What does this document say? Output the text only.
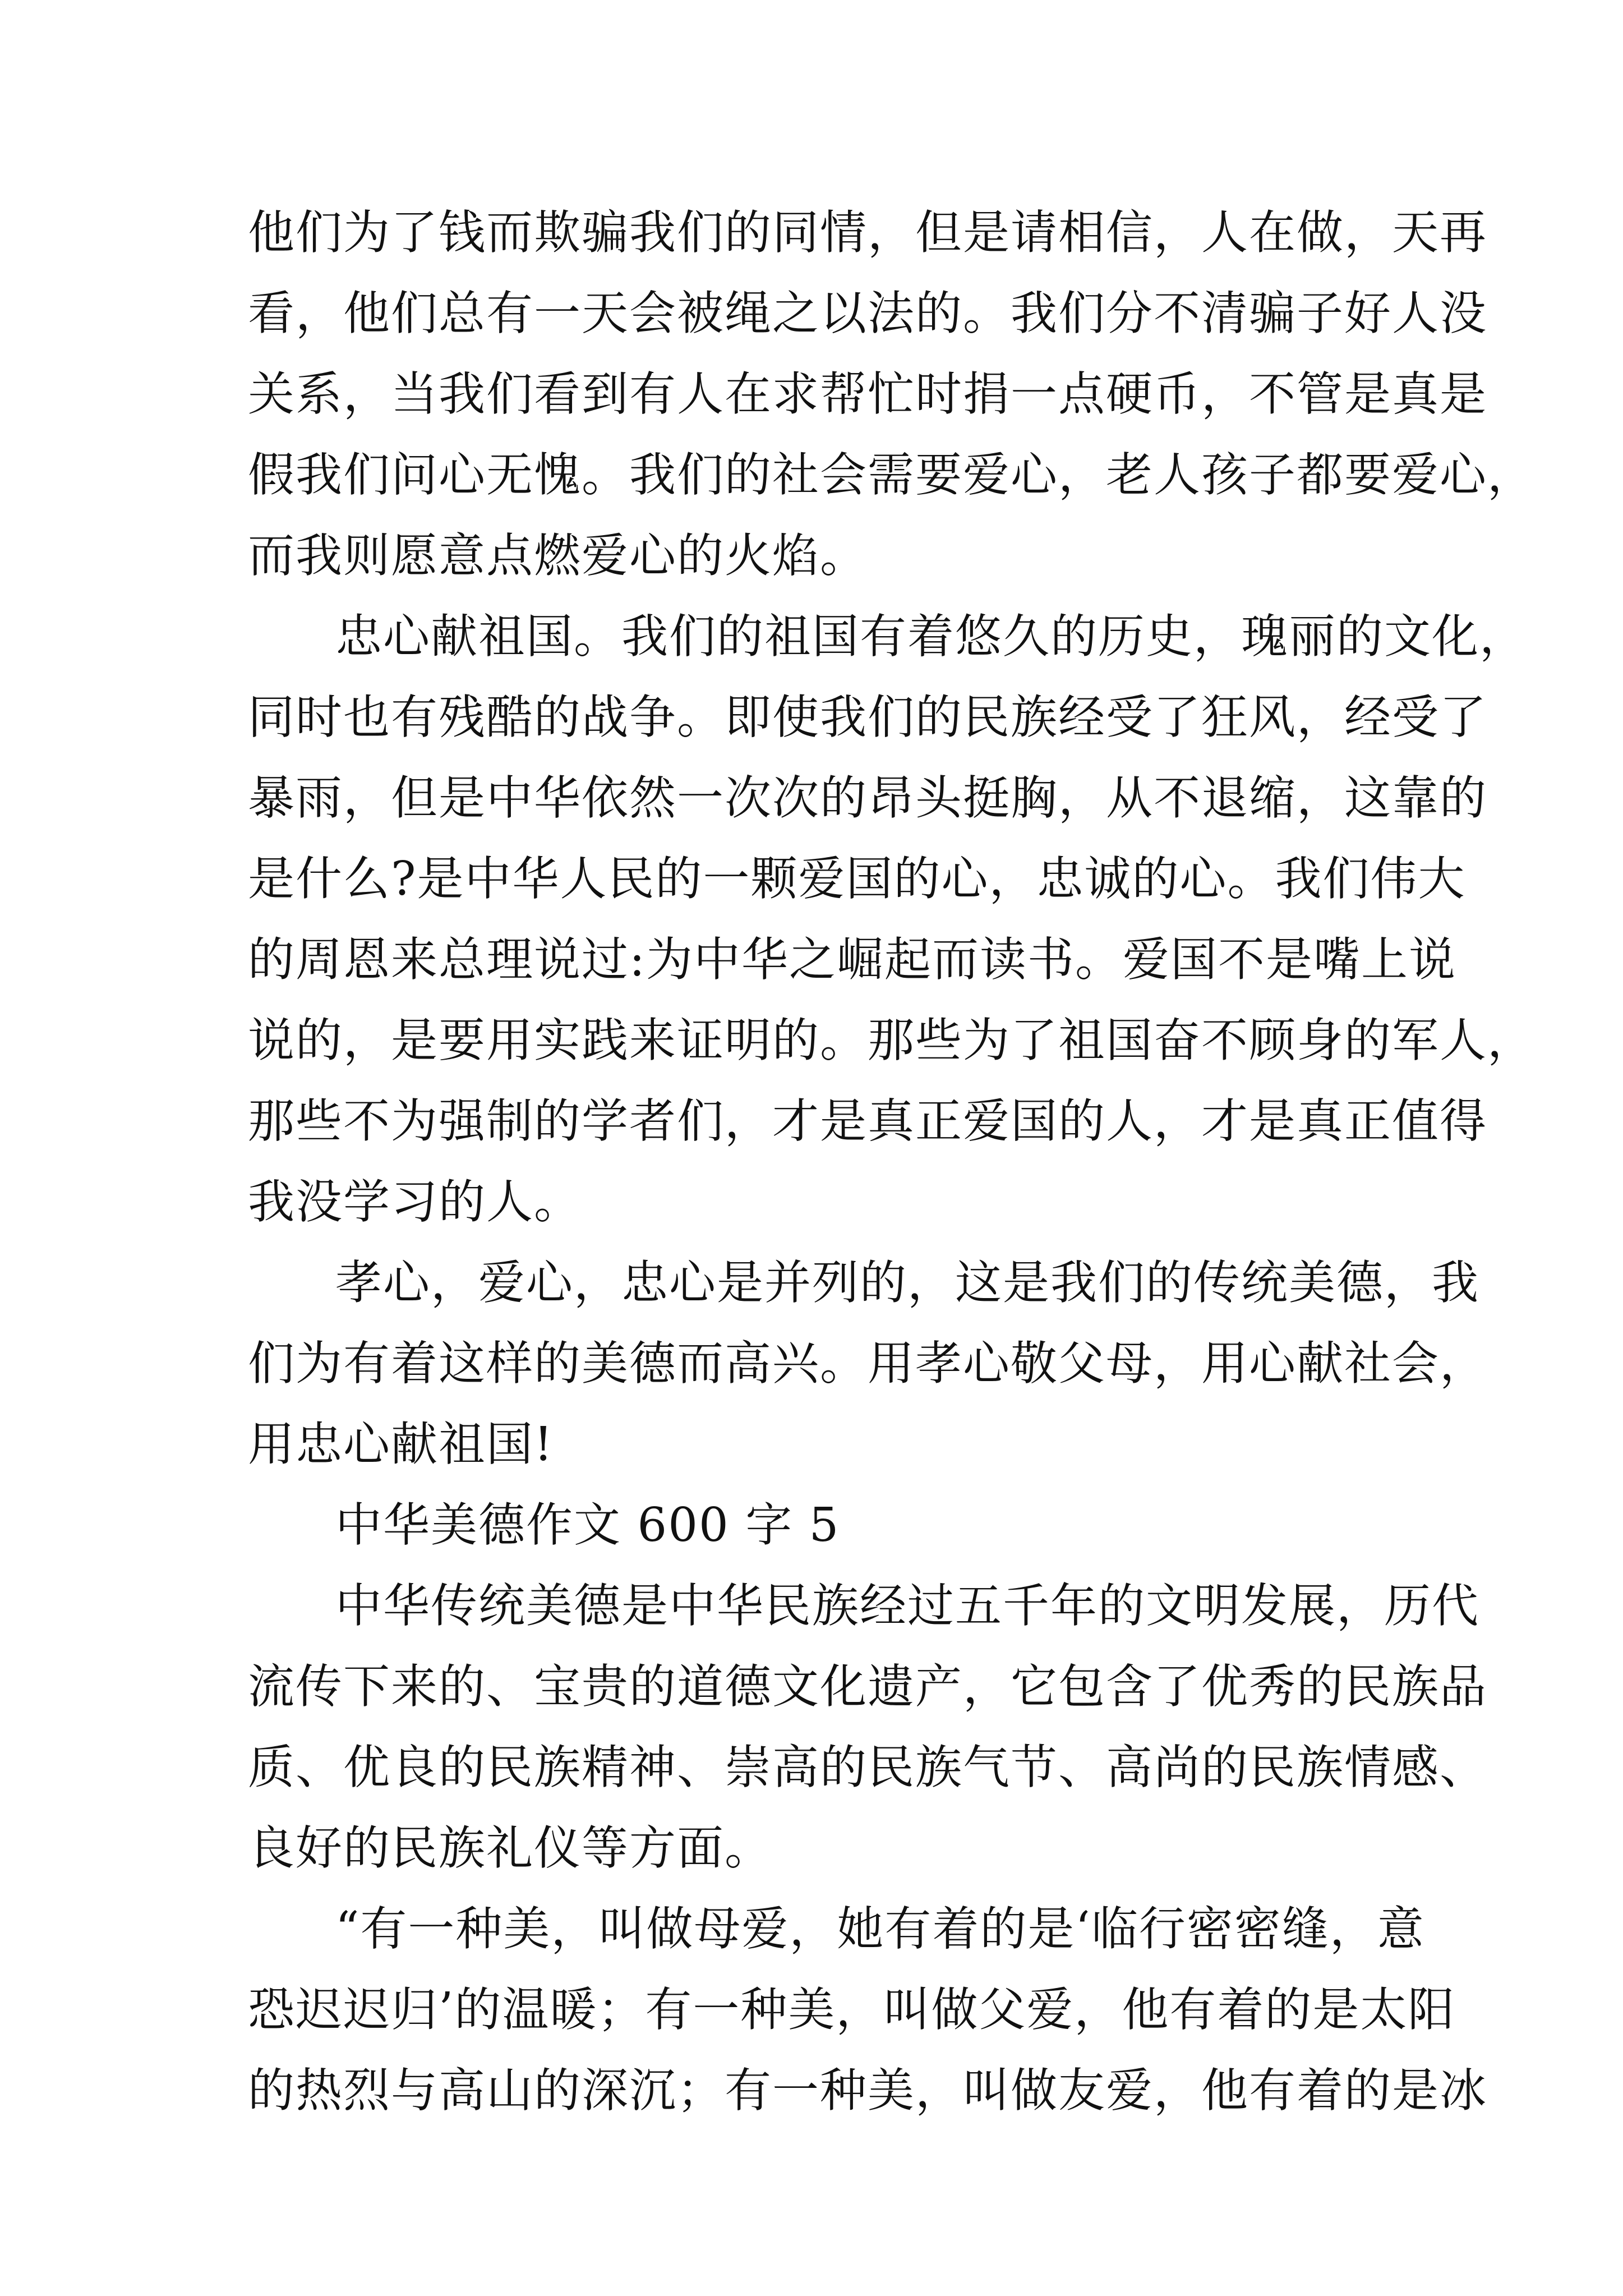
他们为了钱而欺骗我们的同情，但是请相信，人在做，天再
看，他们总有一天会被绳之以法的。我们分不清骗子好人没
关系，当我们看到有人在求帮忙时捐一点硬币，不管是真是
假我们问心无愧。我们的社会需要爱心，老人孩子都要爱心，
而我则愿意点燃爱心的火焰。
忠心献祖国。我们的祖国有着悠久的历史，瑰丽的文化，
同时也有残酷的战争。即使我们的民族经受了狂风，经受了
暴雨，但是中华依然一次次的昂头挺胸，从不退缩，这靠的
是什么?是中华人民的一颗爱国的心，忠诚的心。我们伟大
的周恩来总理说过:为中华之崛起而读书。爱国不是嘴上说
说的，是要用实践来证明的。那些为了祖国奋不顾身的军人，
那些不为强制的学者们，才是真正爱国的人，才是真正值得
我没学习的人。
孝心，爱心，忠心是并列的，这是我们的传统美德，我
们为有着这样的美德而高兴。用孝心敬父母，用心献社会，
用忠心献祖国!
中华美德作文 600 字 5
中华传统美德是中华民族经过五千年的文明发展，历代
流传下来的、宝贵的道德文化遗产，它包含了优秀的民族品
质、优良的民族精神、崇高的民族气节、高尚的民族情感、
良好的民族礼仪等方面。
“有一种美，叫做母爱，她有着的是‘临行密密缝，意
恐迟迟归’的温暖；有一种美，叫做父爱，他有着的是太阳
的热烈与高山的深沉；有一种美，叫做友爱，他有着的是冰
